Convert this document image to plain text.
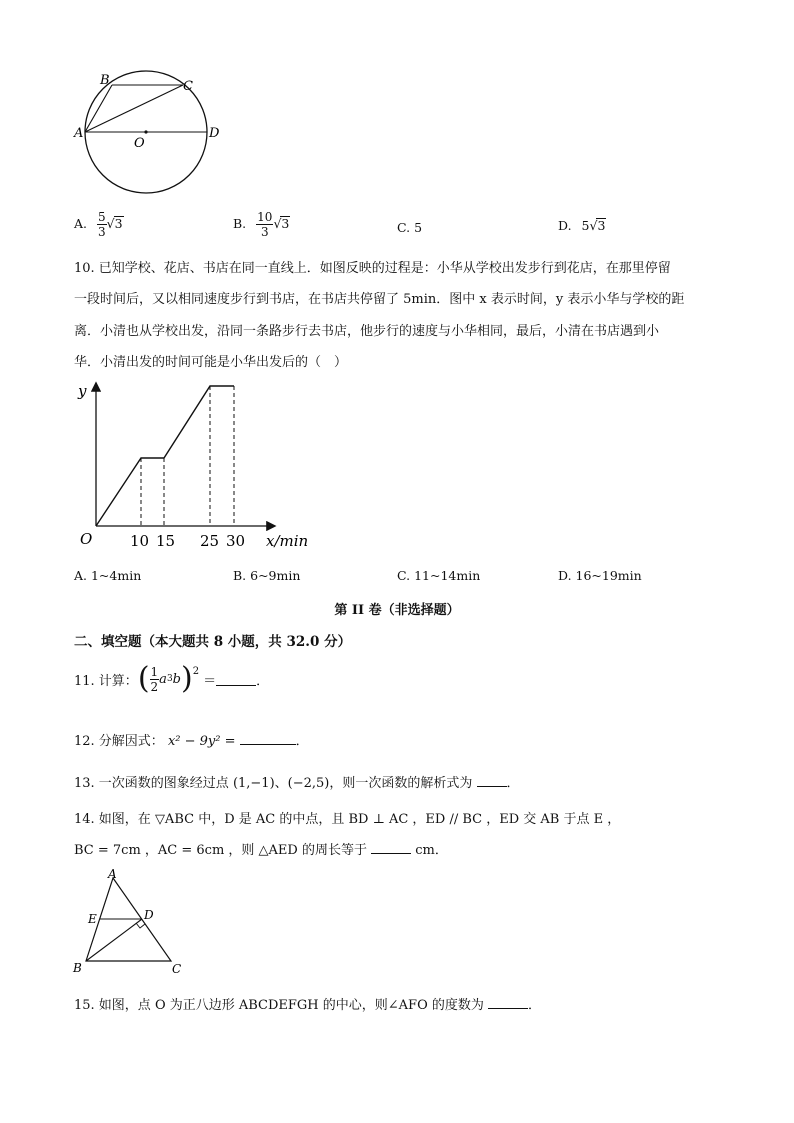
B	C
A
O
D
A. $\frac{5}{3} √3$	B. $\frac{10}{3} √3$	C. 5	D. 5√3
10. 已知学校、花店、书店在同一直线上．如图反映的过程是：小华从学校出发步行到花店，在那里停留
一段时间后，又以相同速度步行到书店，在书店共停留了 5min．图中 x 表示时间，y 表示小华与学校的距
离．小清也从学校出发，沿同一条路步行去书店，他步行的速度与小华相同，最后，小清在书店遇到小
华．小清出发的时间可能是小华出发后的（　）
y
O	10 15 25 30 x/min
A. 1~4min	B. 6~9min	C. 11~14min	D. 16~19min
第 II 卷（非选择题）
二、填空题（本大题共 8 小题，共 32.0 分）
11. 计算： ( $\frac{1}{2}$ a 3 b )$^2$
＝	．
12. 分解因式： x² − 9y² =	．
13. 一次函数的图象经过点 (1,−1)、(−2,5)，则一次函数的解析式为	．
14. 如图，在 ▽ABC 中，D 是 AC 的中点，且 BD ⊥ AC ，ED // BC ，ED 交 AB 于点 E ，
BC = 7cm ，AC = 6cm ，则 △AED 的周长等于	cm．
A
E	D
B	C
15. 如图，点 O 为正八边形 ABCDEFGH 的中心，则∠AFO 的度数为	．
